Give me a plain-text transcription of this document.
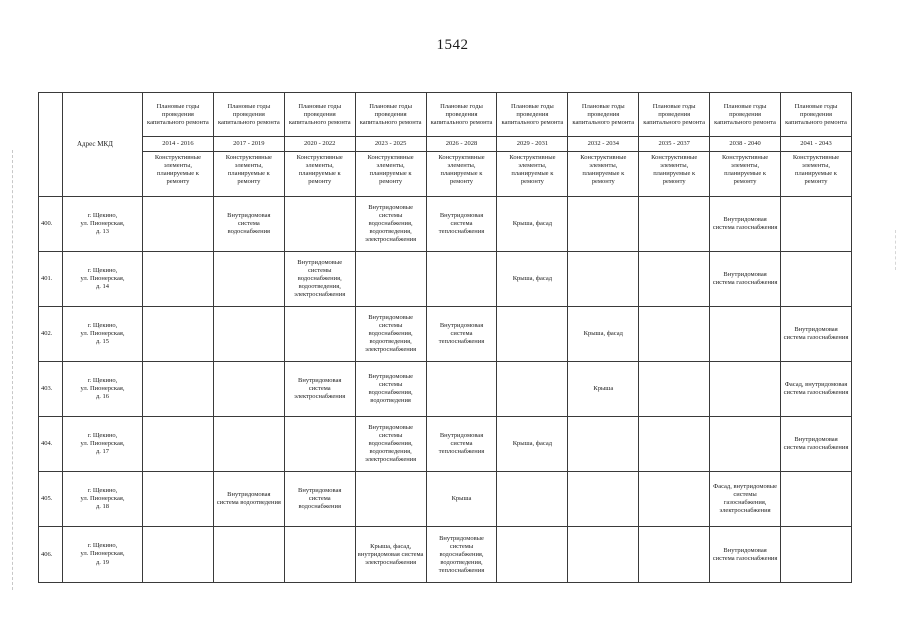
1542
		Плановые годы проведения капитального ремонта	Плановые годы проведения капитального ремонта	Плановые годы проведения капитального ремонта	Плановые годы проведения капитального ремонта	Плановые годы проведения капитального ремонта	Плановые годы проведения капитального ремонта	Плановые годы проведения капитального ремонта	Плановые годы проведения капитального ремонта	Плановые годы проведения капитального ремонта	Плановые годы проведения капитального ремонта
	Адрес МКД	2014 - 2016	2017 - 2019	2020 - 2022	2023 - 2025	2026 - 2028	2029 - 2031	2032 - 2034	2035 - 2037	2038 - 2040	2041 - 2043
		Конструктивные элементы, планируемые к ремонту	Конструктивные элементы, планируемые к ремонту	Конструктивные элементы, планируемые к ремонту	Конструктивные элементы, планируемые к ремонту	Конструктивные элементы, планируемые к ремонту	Конструктивные элементы, планируемые к ремонту	Конструктивные элементы, планируемые к ремонту	Конструктивные элементы, планируемые к ремонту	Конструктивные элементы, планируемые к ремонту	Конструктивные элементы, планируемые к ремонту
400.	г. Щекино,
ул. Пионерская,
д. 13		Внутридомовая система водоснабжения		Внутридомовые системы водоснабжения, водоотведения, электроснабжения	Внутридомовая система теплоснабжения	Крыша, фасад			Внутридомовая система газоснабжения	
401.	г. Щекино,
ул. Пионерская,
д. 14			Внутридомовые системы водоснабжения, водоотведения, электроснабжения			Крыша, фасад			Внутридомовая система газоснабжения	
402.	г. Щекино,
ул. Пионерская,
д. 15				Внутридомовые системы водоснабжения, водоотведения, электроснабжения	Внутридомовая система теплоснабжения		Крыша, фасад			Внутридомовая система газоснабжения
403.	г. Щекино,
ул. Пионерская,
д. 16			Внутридомовая система электроснабжения	Внутридомовые системы водоснабжения, водоотведения			Крыша			Фасад, внутридомовая система газоснабжения
404.	г. Щекино,
ул. Пионерская,
д. 17				Внутридомовые системы водоснабжения, водоотведения, электроснабжения	Внутридомовая система теплоснабжения	Крыша, фасад				Внутридомовая система газоснабжения
405.	г. Щекино,
ул. Пионерская,
д. 18		Внутридомовая система водоотведения	Внутридомовая система водоснабжения		Крыша				Фасад, внутридомовые системы газоснабжения, электроснабжения	
406.	г. Щекино,
ул. Пионерская,
д. 19				Крыша, фасад, внутридомовая система электроснабжения	Внутридомовые системы водоснабжения, водоотведения, теплоснабжения				Внутридомовая система газоснабжения	
